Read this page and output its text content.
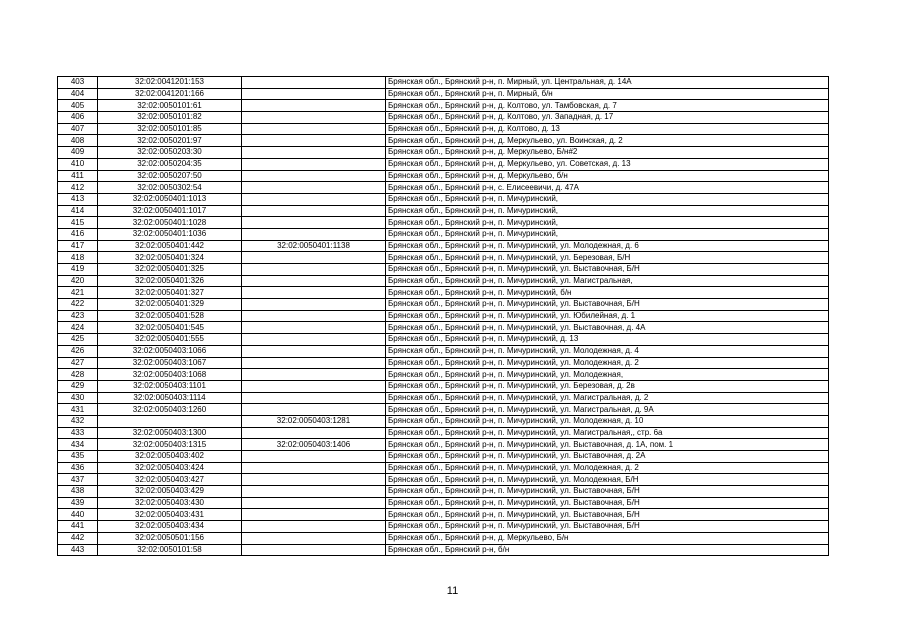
403	32:02:0041201:153		Брянская обл., Брянский р-н, п. Мирный, ул. Центральная, д. 14А
404	32:02:0041201:166		Брянская обл., Брянский р-н, п. Мирный, б/н
405	32:02:0050101:61		Брянская обл., Брянский р-н, д. Колтово, ул. Тамбовская, д. 7
406	32:02:0050101:82		Брянская обл., Брянский р-н, д. Колтово, ул. Западная, д. 17
407	32:02:0050101:85		Брянская обл., Брянский р-н, д. Колтово, д. 13
408	32:02:0050201:97		Брянская обл., Брянский р-н, д. Меркульево, ул. Воинская, д. 2
409	32:02:0050203:30		Брянская обл., Брянский р-н, д. Меркульево, Б/н#2
410	32:02:0050204:35		Брянская обл., Брянский р-н, д. Меркульево, ул. Советская, д. 13
411	32:02:0050207:50		Брянская обл., Брянский р-н, д. Меркульево, б/н
412	32:02:0050302:54		Брянская обл., Брянский р-н, с. Елисеевичи, д. 47А
413	32:02:0050401:1013		Брянская обл., Брянский р-н, п. Мичуринский,
414	32:02:0050401:1017		Брянская обл., Брянский р-н, п. Мичуринский,
415	32:02:0050401:1028		Брянская обл., Брянский р-н, п. Мичуринский,
416	32:02:0050401:1036		Брянская обл., Брянский р-н, п. Мичуринский,
417	32:02:0050401:442	32:02:0050401:1138	Брянская обл., Брянский р-н, п. Мичуринский, ул. Молодежная, д. 6
418	32:02:0050401:324		Брянская обл., Брянский р-н, п. Мичуринский, ул. Березовая, Б/Н
419	32:02:0050401:325		Брянская обл., Брянский р-н, п. Мичуринский, ул. Выставочная, Б/Н
420	32:02:0050401:326		Брянская обл., Брянский р-н, п. Мичуринский, ул. Магистральная,
421	32:02:0050401:327		Брянская обл., Брянский р-н, п. Мичуринский, б/н
422	32:02:0050401:329		Брянская обл., Брянский р-н, п. Мичуринский, ул. Выставочная, Б/Н
423	32:02:0050401:528		Брянская обл., Брянский р-н, п. Мичуринский, ул. Юбилейная, д. 1
424	32:02:0050401:545		Брянская обл., Брянский р-н, п. Мичуринский, ул. Выставочная, д. 4А
425	32:02:0050401:555		Брянская обл., Брянский р-н, п. Мичуринский, д. 13
426	32:02:0050403:1066		Брянская обл., Брянский р-н, п. Мичуринский, ул. Молодежная, д. 4
427	32:02:0050403:1067		Брянская обл., Брянский р-н, п. Мичуринский, ул. Молодежная, д. 2
428	32:02:0050403:1068		Брянская обл., Брянский р-н, п. Мичуринский, ул. Молодежная,
429	32:02:0050403:1101		Брянская обл., Брянский р-н, п. Мичуринский, ул. Березовая, д. 2в
430	32:02:0050403:1114		Брянская обл., Брянский р-н, п. Мичуринский, ул. Магистральная, д. 2
431	32:02:0050403:1260		Брянская обл., Брянский р-н, п. Мичуринский, ул. Магистральная, д. 9А
432		32:02:0050403:1281	Брянская обл., Брянский р-н, п. Мичуринский, ул. Молодежная, д. 10
433	32:02:0050403:1300		Брянская обл., Брянский р-н, п. Мичуринский, ул. Магистральная,, стр. 6а
434	32:02:0050403:1315	32:02:0050403:1406	Брянская обл., Брянский р-н, п. Мичуринский, ул. Выставочная, д. 1А, пом. 1
435	32:02:0050403:402		Брянская обл., Брянский р-н, п. Мичуринский, ул. Выставочная, д. 2А
436	32:02:0050403:424		Брянская обл., Брянский р-н, п. Мичуринский, ул. Молодежная, д. 2
437	32:02:0050403:427		Брянская обл., Брянский р-н, п. Мичуринский, ул. Молодежная, Б/Н
438	32:02:0050403:429		Брянская обл., Брянский р-н, п. Мичуринский, ул. Выставочная, Б/Н
439	32:02:0050403:430		Брянская обл., Брянский р-н, п. Мичуринский, ул. Выставочная, Б/Н
440	32:02:0050403:431		Брянская обл., Брянский р-н, п. Мичуринский, ул. Выставочная, Б/Н
441	32:02:0050403:434		Брянская обл., Брянский р-н, п. Мичуринский, ул. Выставочная, Б/Н
442	32:02:0050501:156		Брянская обл., Брянский р-н, д. Меркульево, Б/н
443	32:02:0050101:58		Брянская обл., Брянский р-н, б/н
11
